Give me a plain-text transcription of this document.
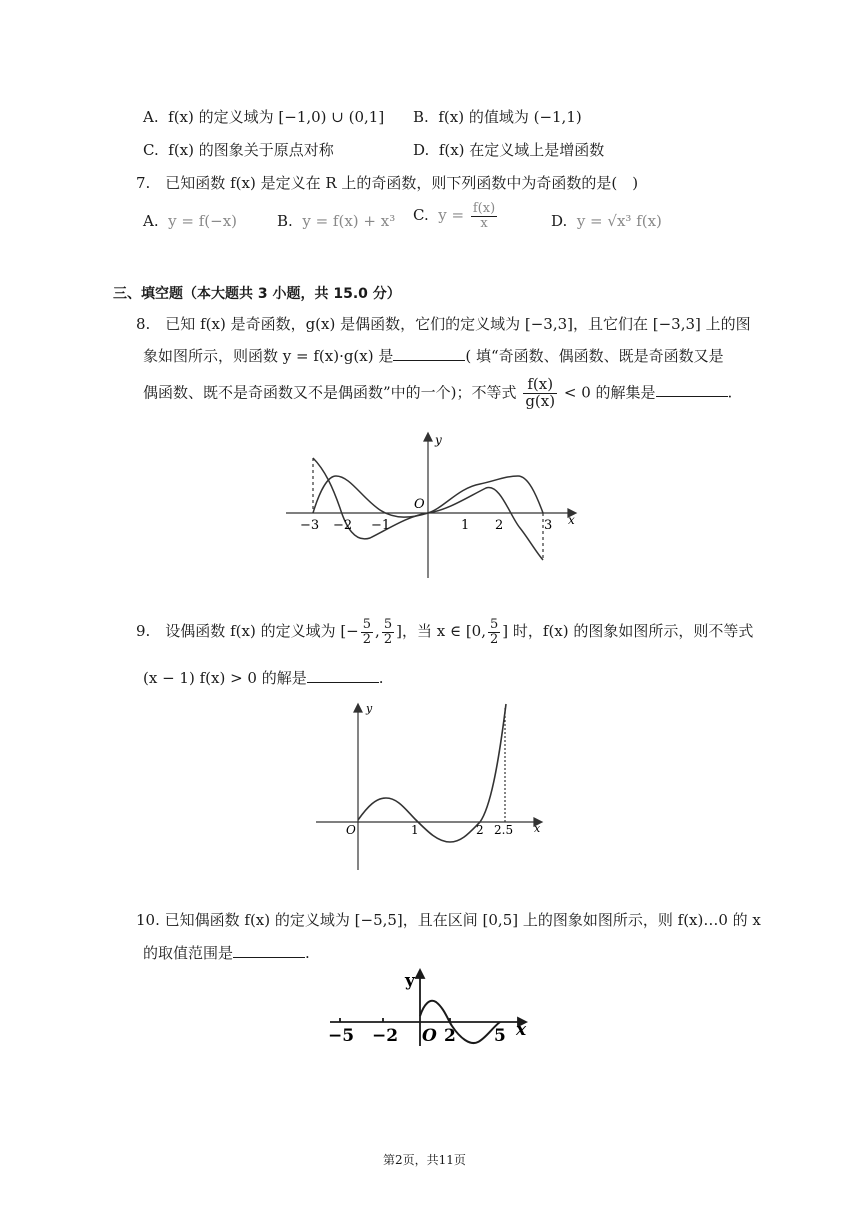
A. f(x) 的定义域为 [−1,0) ∪ (0,1] B. f(x) 的值域为 (−1,1)
C. f(x) 的图象关于原点对称	D. f(x) 在定义域上是增函数
7.　已知函数 f(x) 是定义在 R 上的奇函数，则下列函数中为奇函数的是(　)
A. y = f(−x)	B. y = f(x) + x³ C. $y = \frac{f(x)}{x}$	D. y = √x³ f(x)
三、填空题（本大题共 3 小题，共 15.0 分）
8.　已知 f(x) 是奇函数，g(x) 是偶函数，它们的定义域为 [−3,3]，且它们在 [−3,3] 上的图
象如图所示，则函数 y = f(x)·g(x) 是	( 填“奇函数、偶函数、既是奇函数又是
偶函数、既不是奇函数又不是偶函数”中的一个)；不等式 $\frac{f(x)}{g(x)} < 0$ 的解集是	.
y
x
O
−3 −2 −1	1 2	3
9.　设偶函数 f(x) 的定义域为 [− $\frac{5}{2}$ , $\frac{5}{2}$ ]，当 x ∈ [0, $\frac{5}{2}$ ] 时，f(x) 的图象如图所示，则不等式
(x − 1) f(x) > 0 的解是	.
y
x
O	1	2 2.5
10. 已知偶函数 f(x) 的定义域为 [−5,5]，且在区间 [0,5] 上的图象如图所示，则 f(x)…0 的 x
的取值范围是	.
y
x
O
−5 −2	2 5
第2页，共11页
